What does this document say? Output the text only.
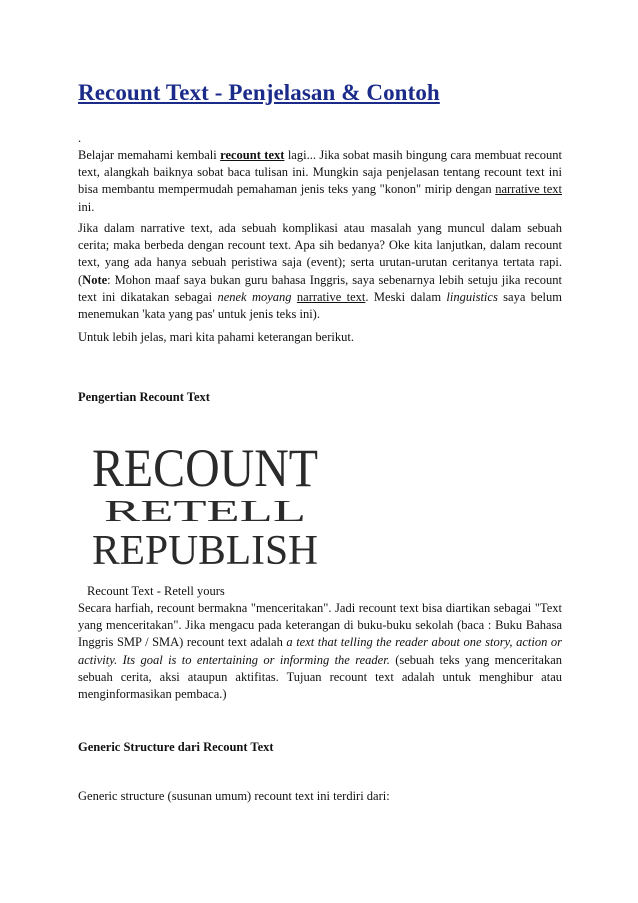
Recount Text - Penjelasan & Contoh
.

Belajar memahami kembali recount text lagi... Jika sobat masih bingung cara membuat recount text, alangkah baiknya sobat baca tulisan ini. Mungkin saja penjelasan tentang recount text ini bisa membantu mempermudah pemahaman jenis teks yang "konon" mirip dengan narrative text ini.

Jika dalam narrative text, ada sebuah komplikasi atau masalah yang muncul dalam sebuah cerita; maka berbeda dengan recount text. Apa sih bedanya? Oke kita lanjutkan, dalam recount text, yang ada hanya sebuah peristiwa saja (event); serta urutan-urutan ceritanya tertata rapi. (Note: Mohon maaf saya bukan guru bahasa Inggris, saya sebenarnya lebih setuju jika recount text ini dikatakan sebagai nenek moyang narrative text. Meski dalam linguistics saya belum menemukan 'kata yang pas' untuk jenis teks ini).

Untuk lebih jelas, mari kita pahami keterangan berikut.

Pengertian Recount Text
RECOUNT
RETELL
REPUBLISH
Recount Text - Retell yours

Secara harfiah, recount bermakna "menceritakan". Jadi recount text bisa diartikan sebagai "Text yang menceritakan". Jika mengacu pada keterangan di buku-buku sekolah (baca : Buku Bahasa Inggris SMP / SMA) recount text adalah a text that telling the reader about one story, action or activity. Its goal is to entertaining or informing the reader. (sebuah teks yang menceritakan sebuah cerita, aksi ataupun aktifitas. Tujuan recount text adalah untuk menghibur atau menginformasikan pembaca.)

Generic Structure dari Recount Text

Generic structure (susunan umum) recount text ini terdiri dari:
